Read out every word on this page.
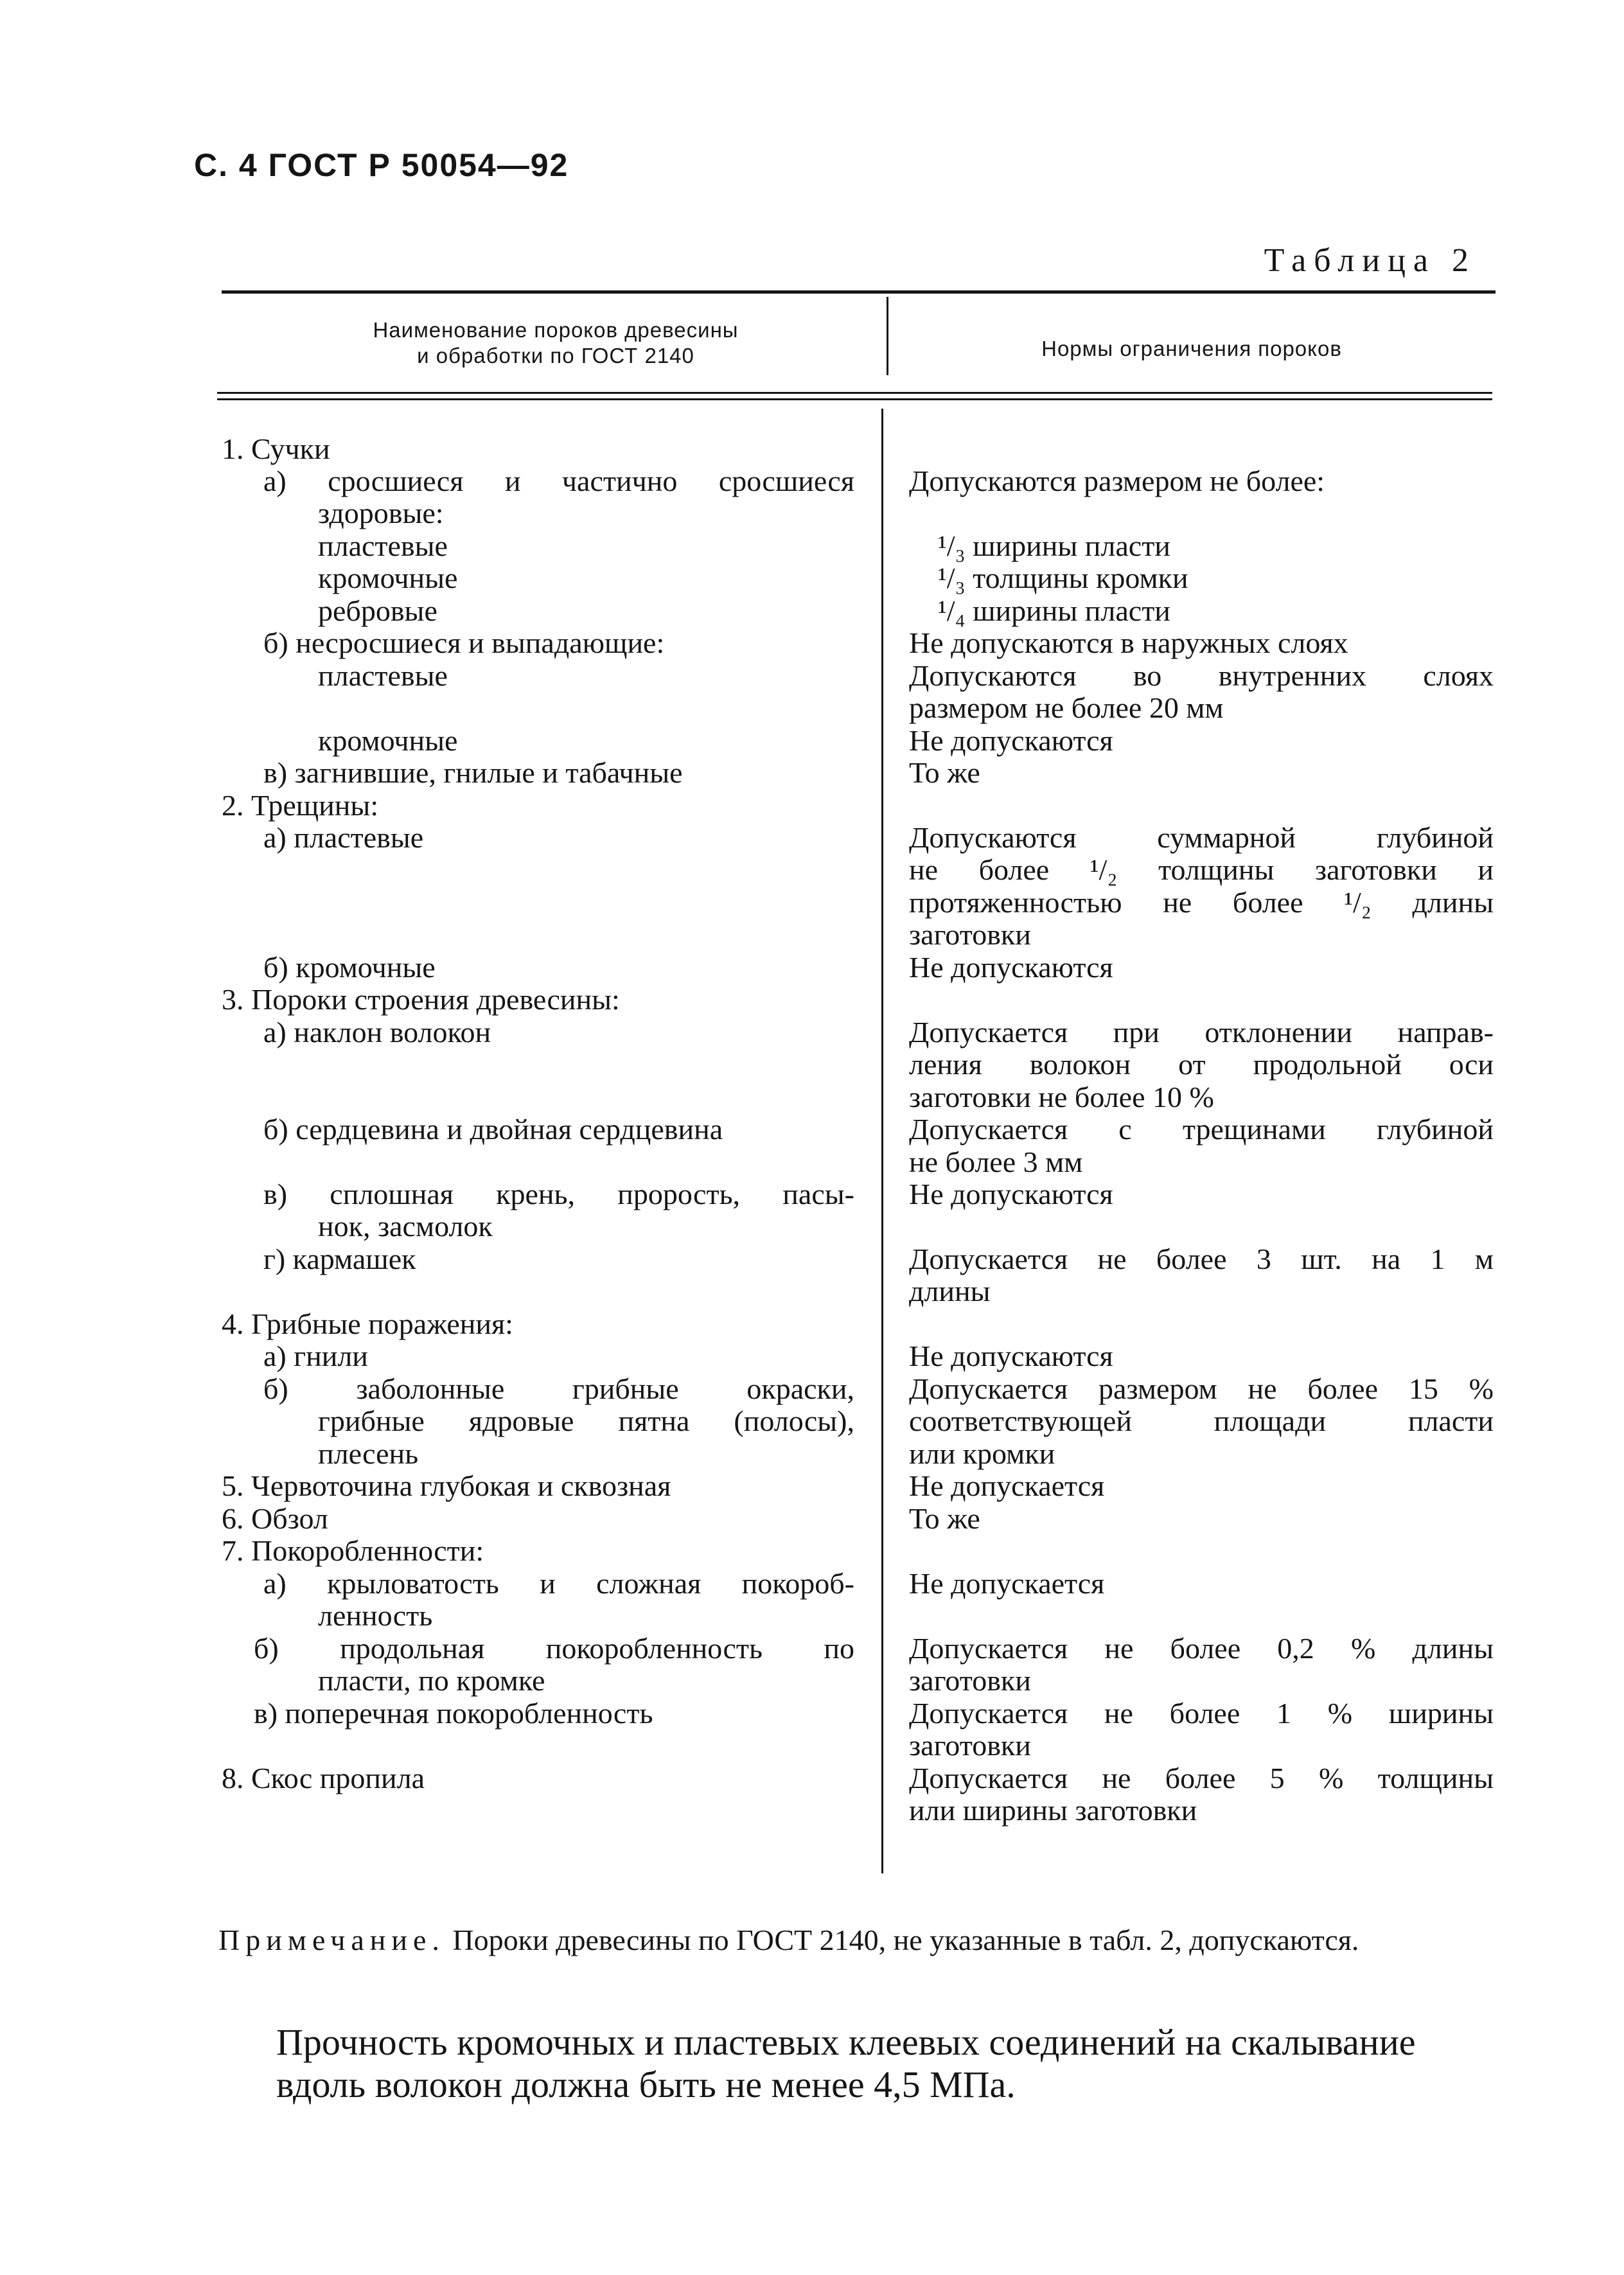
С. 4 ГОСТ Р 50054—92
Таблица 2
Наименование пороков древесины
и обработки по ГОСТ 2140	Нормы ограничения пороков
1. Сучки
а) сросшиеся и частично сросшиеся
здоровые:
пластевые
кромочные
ребровые
б) несросшиеся и выпадающие:
пластевые
кромочные
в) загнившие, гнилые и табачные
2. Трещины:
а) пластевые
б) кромочные
3. Пороки строения древесины:
а) наклон волокон
б) сердцевина и двойная сердцевина
в) сплошная крень, прорость, пасы-
нок, засмолок
г) кармашек
4. Грибные поражения:
а) гнили
б) заболонные грибные окраски,
грибные ядровые пятна (полосы),
плесень
5. Червоточина глубокая и сквозная
6. Обзол
7. Покоробленности:
а) крыловатость и сложная покороб-
ленность
б) продольная покоробленность по
пласти, по кромке
в) поперечная покоробленность
8. Скос пропила
Допускаются размером не более:
¹/₃ ширины пласти
¹/₃ толщины кромки
¹/₄ ширины пласти
Не допускаются в наружных слоях
Допускаются во внутренних слоях
размером не более 20 мм
Не допускаются
То же
Допускаются суммарной глубиной
не более ¹/₂ толщины заготовки и
протяженностью не более ¹/₂ длины
заготовки
Не допускаются
Допускается при отклонении направ-
ления волокон от продольной оси
заготовки не более 10 %
Допускается с трещинами глубиной
не более 3 мм
Не допускаются
Допускается не более 3 шт. на 1 м
длины
Не допускаются
Допускается размером не более 15 %
соответствующей площади пласти
или кромки
Не допускается
То же
Не допускается
Допускается не более 0,2 % длины
заготовки
Допускается не более 1 % ширины
заготовки
Допускается не более 5 % толщины
или ширины заготовки
Примечание. Пороки древесины по ГОСТ 2140, не указанные в табл. 2, допускаются.
Прочность кромочных и пластевых клеевых соединений на скалывание вдоль волокон должна быть не менее 4,5 МПа.
